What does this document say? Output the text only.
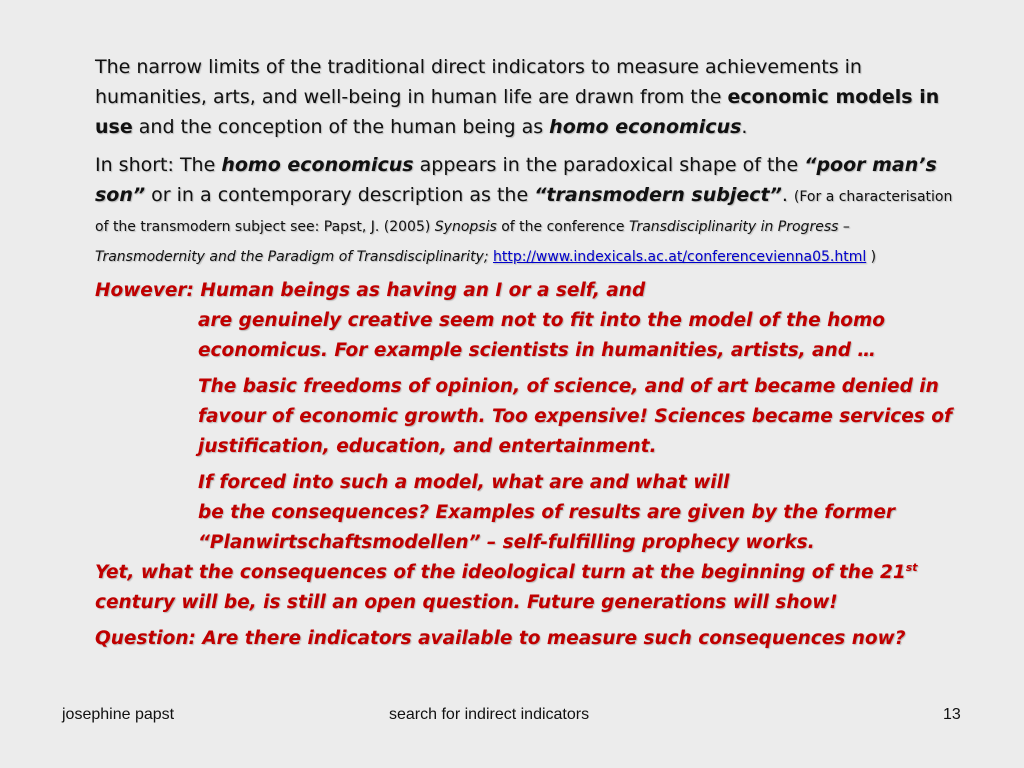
The narrow limits of the traditional direct indicators to measure achievements in humanities, arts, and well-being in human life are drawn from the economic models in use and the conception of the human being as homo economicus.

In short: The homo economicus appears in the paradoxical shape of the “poor man’s son” or in a contemporary description as the “transmodern subject”. (For a characterisation of the transmodern subject see: Papst, J. (2005) Synopsis of the conference Transdisciplinarity in Progress – Transmodernity and the Paradigm of Transdisciplinarity; http://www.indexicals.ac.at/conferencevienna05.html )

However: Human beings as having an I or a self, and

are genuinely creative seem not to fit into the model of the homo economicus. For example scientists in humanities, artists, and …

The basic freedoms of opinion, of science, and of art became denied in favour of economic growth. Too expensive! Sciences became services of justification, education, and entertainment.

If forced into such a model, what are and what will

be the consequences? Examples of results are given by the former “Planwirtschaftsmodellen” – self-fulfilling prophecy works.

Yet, what the consequences of the ideological turn at the beginning of the 21st
century will be, is still an open question. Future generations will show!

Question: Are there indicators available to measure such consequences now?

josephine papst	search for indirect indicators	13
